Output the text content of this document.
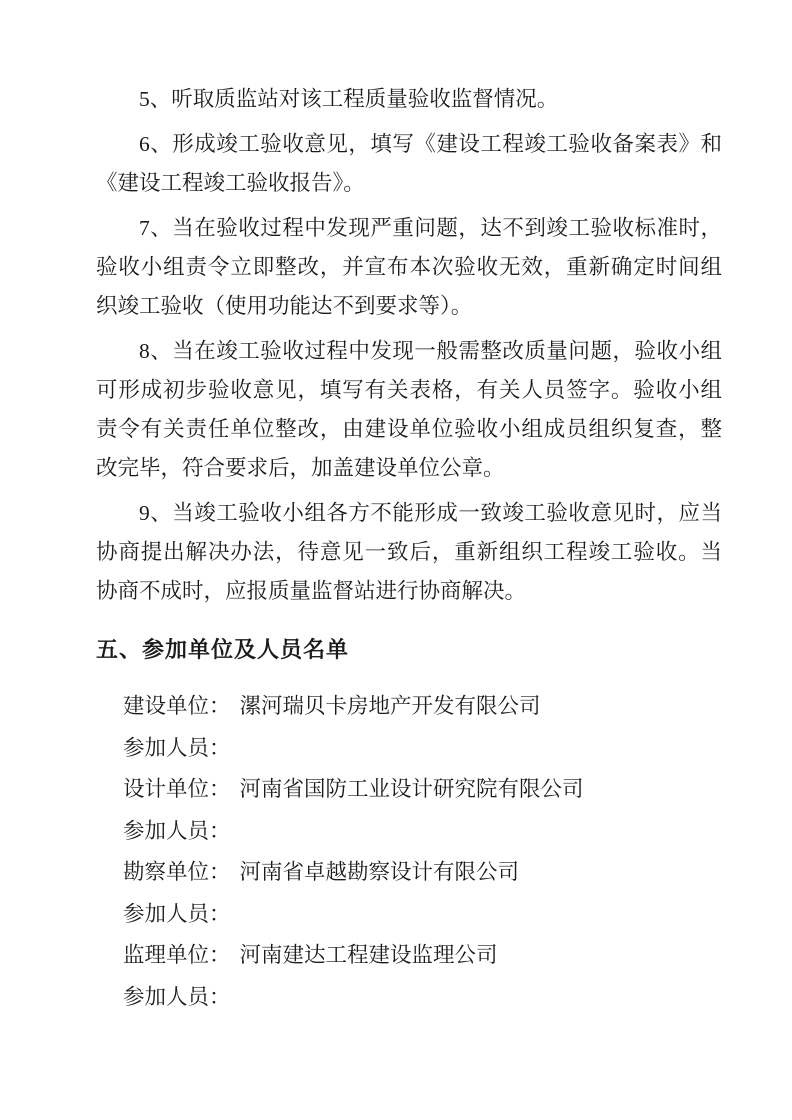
5、听取质监站对该工程质量验收监督情况。
6、形成竣工验收意见，填写《建设工程竣工验收备案表》和
《建设工程竣工验收报告》。
7、当在验收过程中发现严重问题，达不到竣工验收标准时，
验收小组责令立即整改，并宣布本次验收无效，重新确定时间组
织竣工验收（使用功能达不到要求等）。
8、当在竣工验收过程中发现一般需整改质量问题，验收小组
可形成初步验收意见，填写有关表格，有关人员签字。验收小组
责令有关责任单位整改，由建设单位验收小组成员组织复查，整
改完毕，符合要求后，加盖建设单位公章。
9、当竣工验收小组各方不能形成一致竣工验收意见时，应当
协商提出解决办法，待意见一致后，重新组织工程竣工验收。当
协商不成时，应报质量监督站进行协商解决。
五、参加单位及人员名单
建设单位： 漯河瑞贝卡房地产开发有限公司
参加人员：
设计单位： 河南省国防工业设计研究院有限公司
参加人员：
勘察单位： 河南省卓越勘察设计有限公司
参加人员：
监理单位： 河南建达工程建设监理公司
参加人员：
